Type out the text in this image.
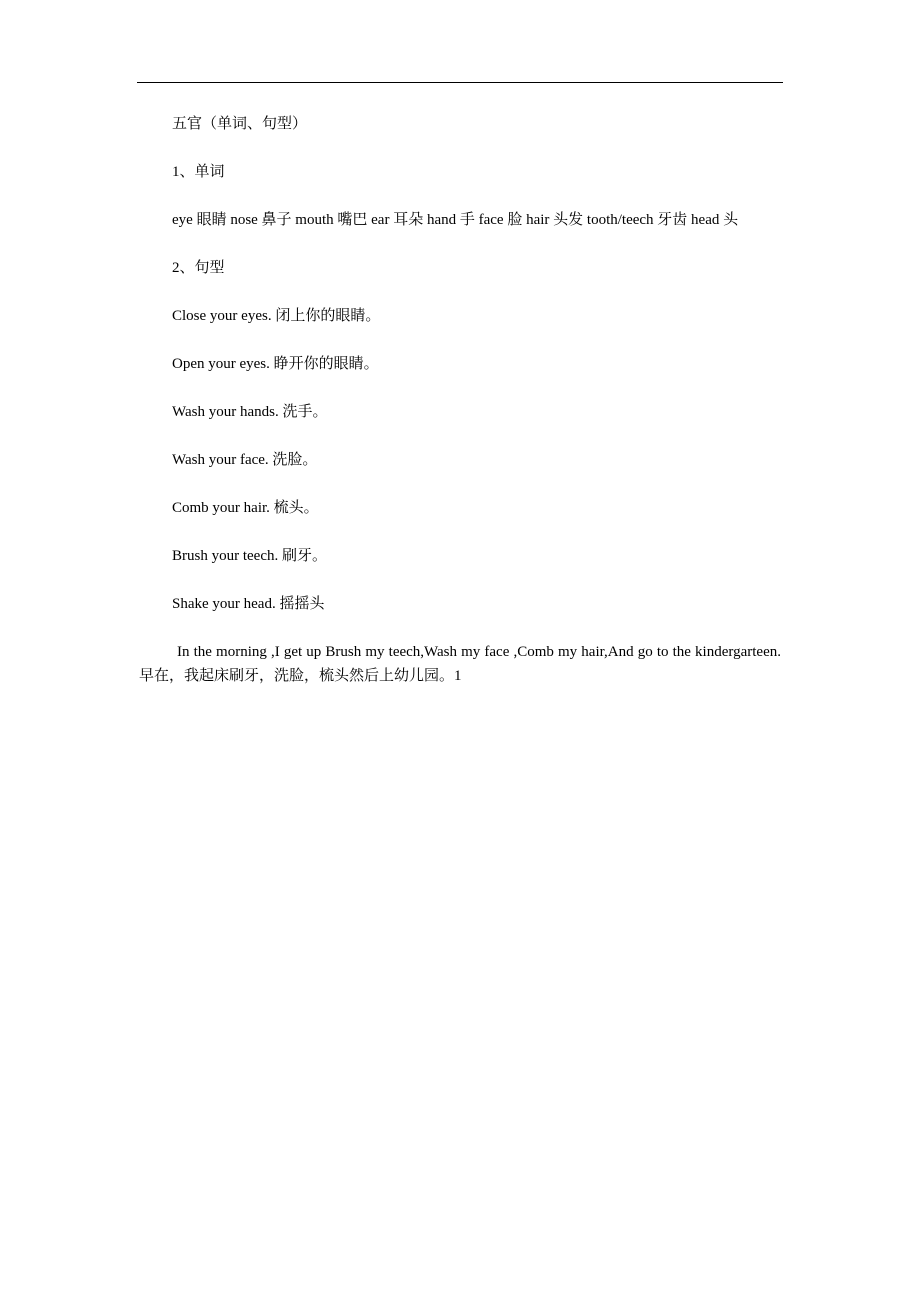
五官（单词、句型）

1、单词

eye 眼睛 nose 鼻子 mouth 嘴巴 ear 耳朵 hand 手 face 脸 hair 头发 tooth/teech 牙齿 head 头

2、句型

Close your eyes. 闭上你的眼睛。

Open your eyes. 睁开你的眼睛。

Wash your hands. 洗手。

Wash your face. 洗脸。

Comb your hair. 梳头。

Brush your teech. 刷牙。

Shake your head. 摇摇头

In the morning ,I get up Brush my teech,Wash my face ,Comb my hair,And go to the kindergarteen. 早在，我起床刷牙，洗脸，梳头然后上幼儿园。1
